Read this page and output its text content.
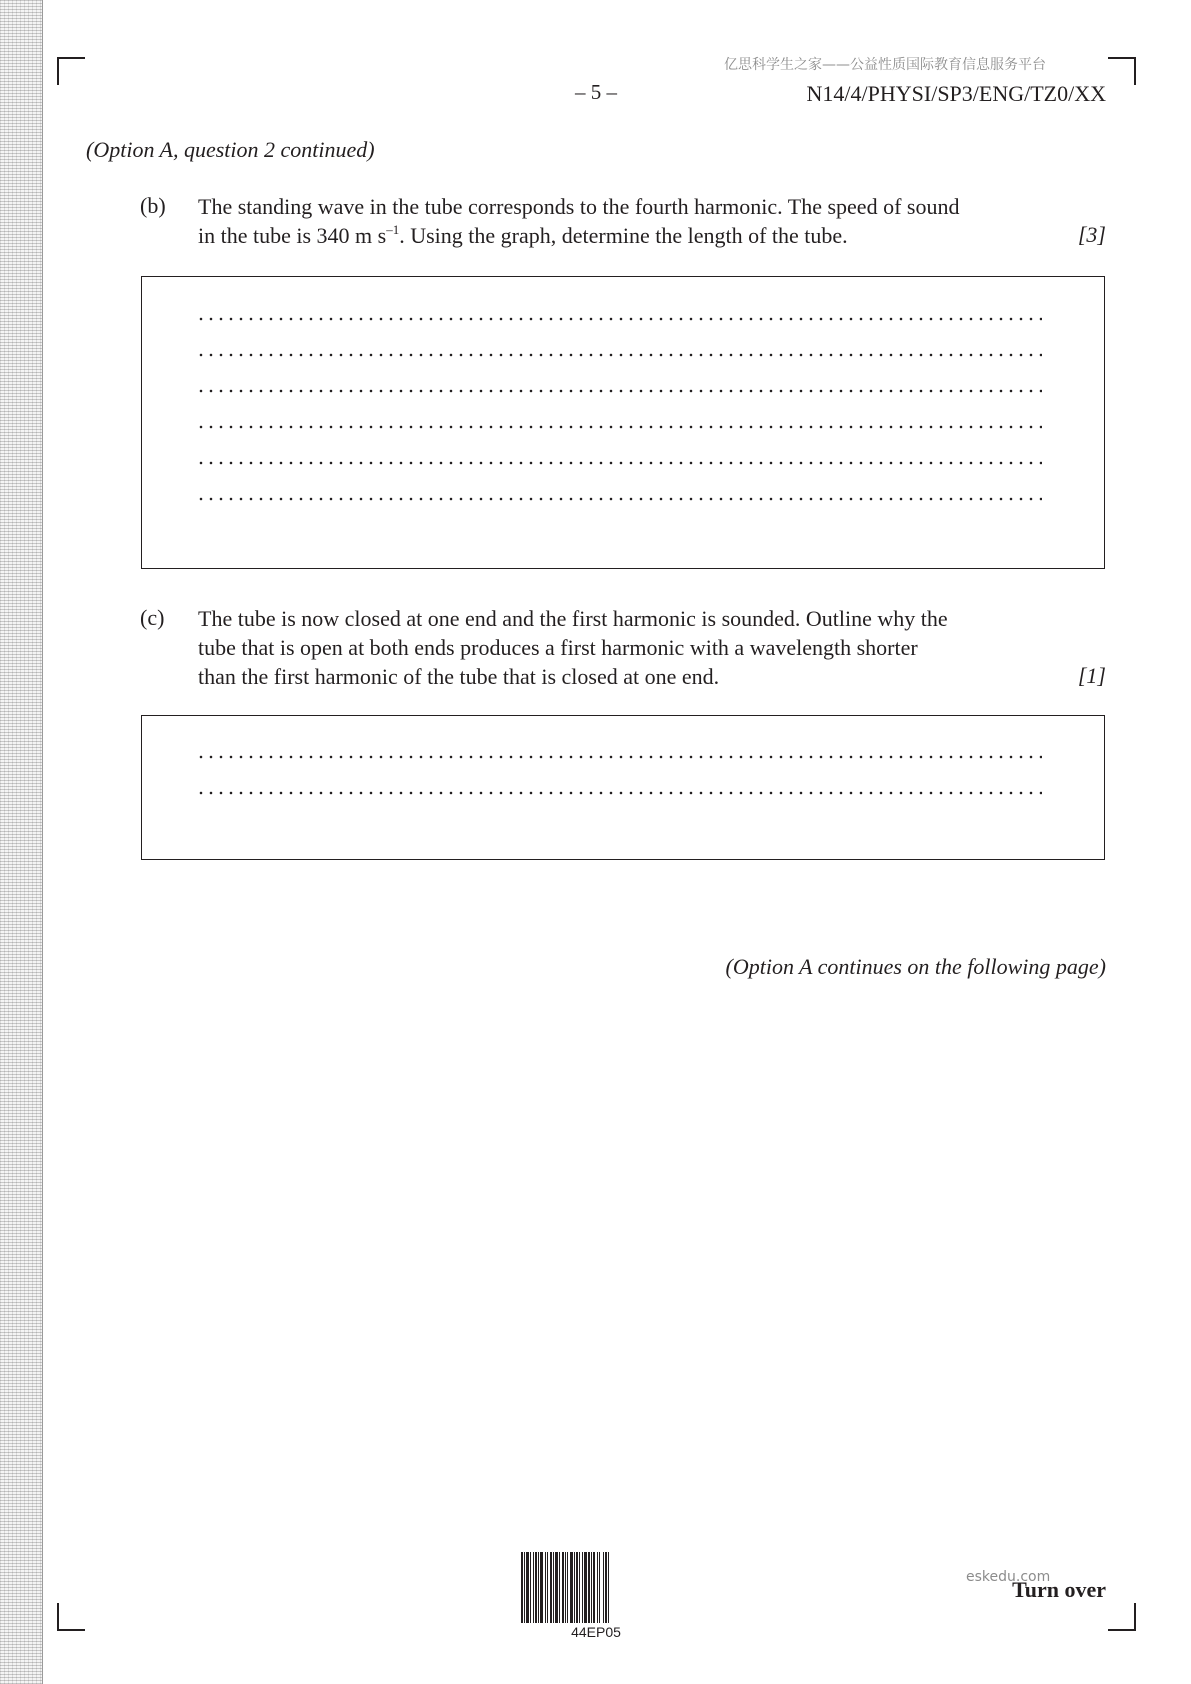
亿思科学生之家——公益性质国际教育信息服务平台
– 5 –	N14/4/PHYSI/SP3/ENG/TZ0/XX
(Option A, question 2 continued)
(b) The standing wave in the tube corresponds to the fourth harmonic. The speed of sound
in the tube is 340 m $s^{-1}$. Using the graph, determine the length of the tube.	[3]
(c) The tube is now closed at one end and the first harmonic is sounded. Outline why the
tube that is open at both ends produces a first harmonic with a wavelength shorter
than the first harmonic of the tube that is closed at one end.	[1]
(Option A continues on the following page)
44EP05
Turn over
eskedu.com
